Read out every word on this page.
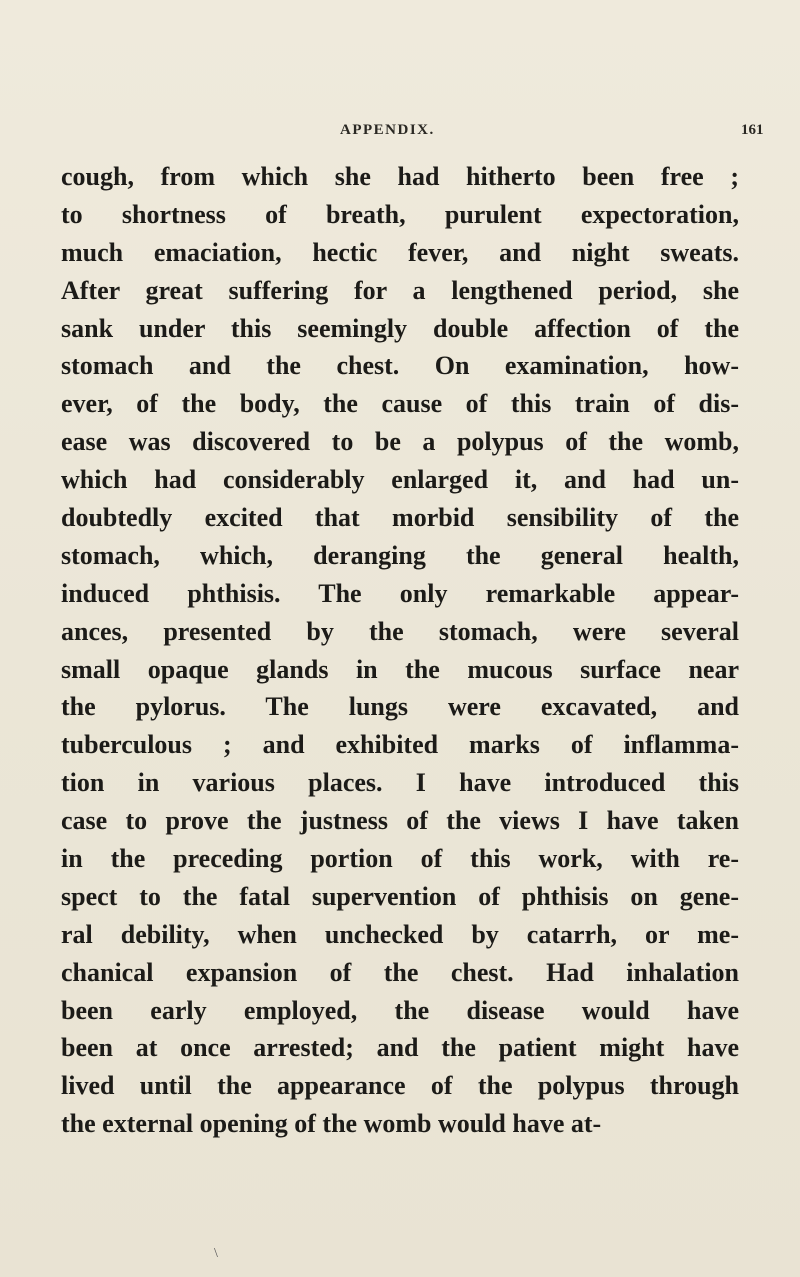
APPENDIX.	161
cough, from which she had hitherto been free ;
to shortness of breath, purulent expectoration,
much emaciation, hectic fever, and night sweats.
After great suffering for a lengthened period, she
sank under this seemingly double affection of the
stomach and the chest. On examination, how-
ever, of the body, the cause of this train of dis-
ease was discovered to be a polypus of the womb,
which had considerably enlarged it, and had un-
doubtedly excited that morbid sensibility of the
stomach, which, deranging the general health,
induced phthisis. The only remarkable appear-
ances, presented by the stomach, were several
small opaque glands in the mucous surface near
the pylorus. The lungs were excavated, and
tuberculous ; and exhibited marks of inflamma-
tion in various places. I have introduced this
case to prove the justness of the views I have taken
in the preceding portion of this work, with re-
spect to the fatal supervention of phthisis on gene-
ral debility, when unchecked by catarrh, or me-
chanical expansion of the chest. Had inhalation
been early employed, the disease would have
been at once arrested; and the patient might have
lived until the appearance of the polypus through
the external opening of the womb would have at-
\
